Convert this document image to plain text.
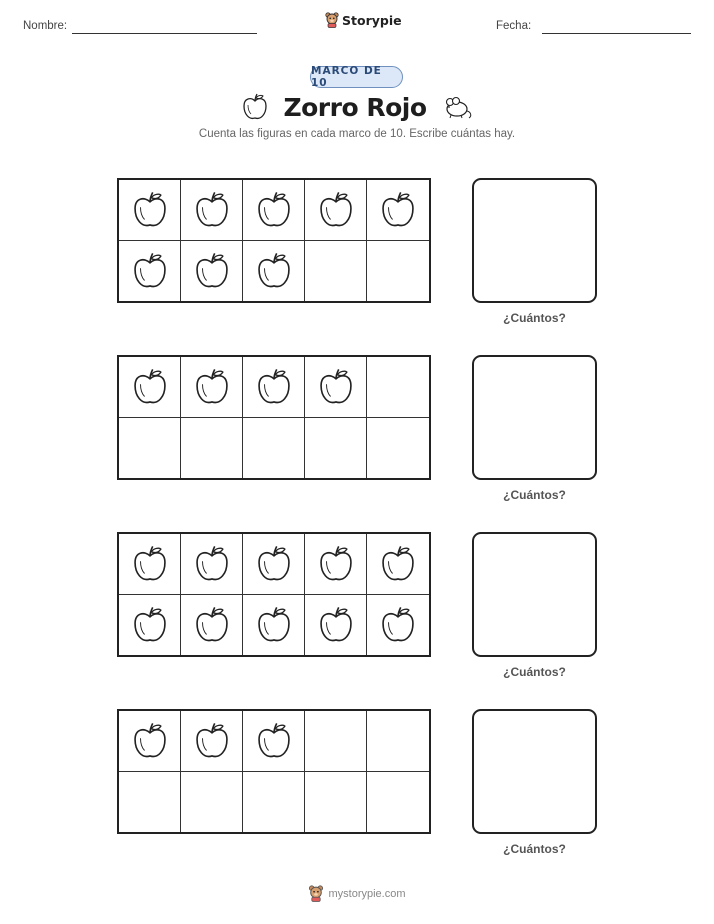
Nombre:	Storypie	Fecha:
MARCO DE 10
Zorro Rojo
Cuenta las figuras en cada marco de 10. Escribe cuántas hay.
¿Cuántos?
¿Cuántos?
¿Cuántos?
¿Cuántos?
mystorypie.com
